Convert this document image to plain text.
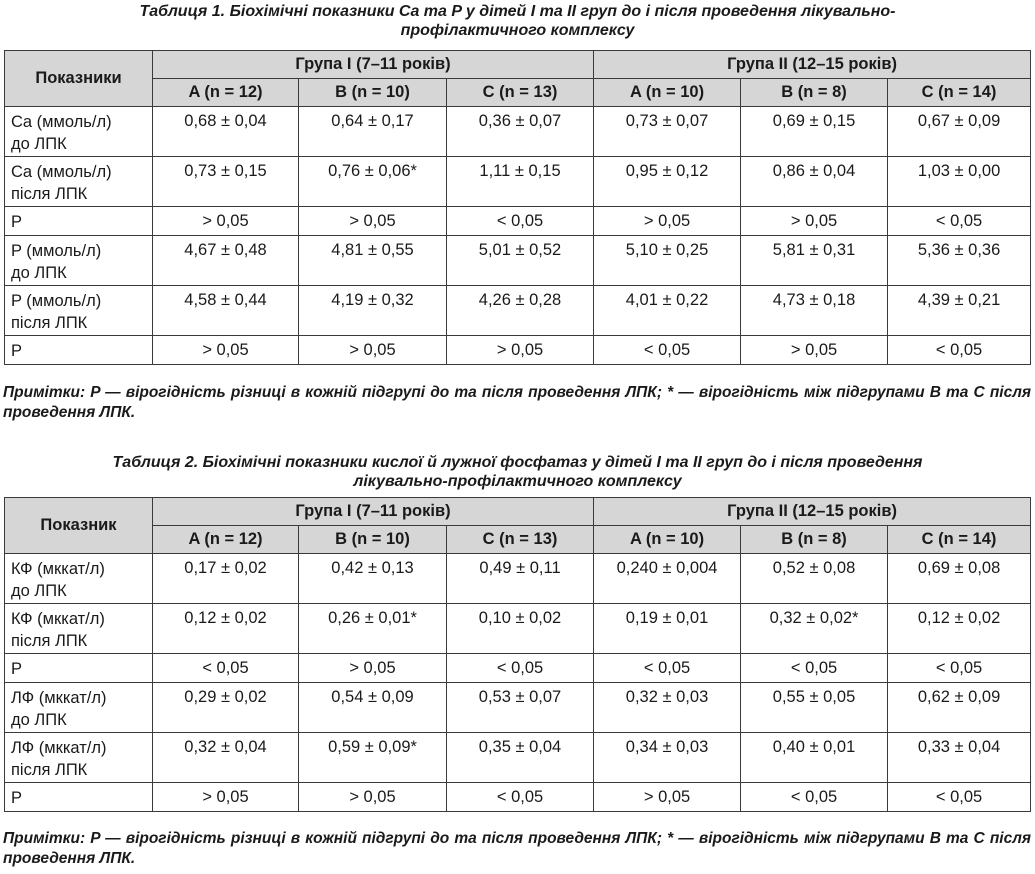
Таблиця 1. Біохімічні показники Ca та P у дітей I та II груп до і після проведення лікувально-
профілактичного комплексу
Показники	Група I (7–11 років)			Група II (12–15 років)		
	A (n = 12)	B (n = 10)	C (n = 13)	A (n = 10)	B (n = 8)	C (n = 14)

Ca (ммоль/л)
до ЛПК	0,68 ± 0,04	0,64 ± 0,17	0,36 ± 0,07	0,73 ± 0,07	0,69 ± 0,15	0,67 ± 0,09

Ca (ммоль/л)
після ЛПК	0,73 ± 0,15	0,76 ± 0,06*	1,11 ± 0,15	0,95 ± 0,12	0,86 ± 0,04	1,03 ± 0,00

P	> 0,05	> 0,05	< 0,05	> 0,05	> 0,05	< 0,05

P (ммоль/л)
до ЛПК	4,67 ± 0,48	4,81 ± 0,55	5,01 ± 0,52	5,10 ± 0,25	5,81 ± 0,31	5,36 ± 0,36

P (ммоль/л)
після ЛПК	4,58 ± 0,44	4,19 ± 0,32	4,26 ± 0,28	4,01 ± 0,22	4,73 ± 0,18	4,39 ± 0,21

P	> 0,05	> 0,05	> 0,05	< 0,05	> 0,05	< 0,05
Примітки: P — вірогідність різниці в кожній підгрупі до та після проведення ЛПК; * — вірогідність між підгрупами B та C після проведення ЛПК.
Таблиця 2. Біохімічні показники кислої й лужної фосфатаз у дітей I та II груп до і після проведення
лікувально-профілактичного комплексу
Показник	Група I (7–11 років)			Група II (12–15 років)		
	A (n = 12)	B (n = 10)	C (n = 13)	A (n = 10)	B (n = 8)	C (n = 14)

КФ (мккат/л)
до ЛПК	0,17 ± 0,02	0,42 ± 0,13	0,49 ± 0,11	0,240 ± 0,004	0,52 ± 0,08	0,69 ± 0,08

КФ (мккат/л)
після ЛПК	0,12 ± 0,02	0,26 ± 0,01*	0,10 ± 0,02	0,19 ± 0,01	0,32 ± 0,02*	0,12 ± 0,02

P	< 0,05	> 0,05	< 0,05	< 0,05	< 0,05	< 0,05

ЛФ (мккат/л)
до ЛПК	0,29 ± 0,02	0,54 ± 0,09	0,53 ± 0,07	0,32 ± 0,03	0,55 ± 0,05	0,62 ± 0,09

ЛФ (мккат/л)
після ЛПК	0,32 ± 0,04	0,59 ± 0,09*	0,35 ± 0,04	0,34 ± 0,03	0,40 ± 0,01	0,33 ± 0,04

P	> 0,05	> 0,05	< 0,05	> 0,05	< 0,05	< 0,05
Примітки: P — вірогідність різниці в кожній підгрупі до та після проведення ЛПК; * — вірогідність між підгрупами B та C після проведення ЛПК.
